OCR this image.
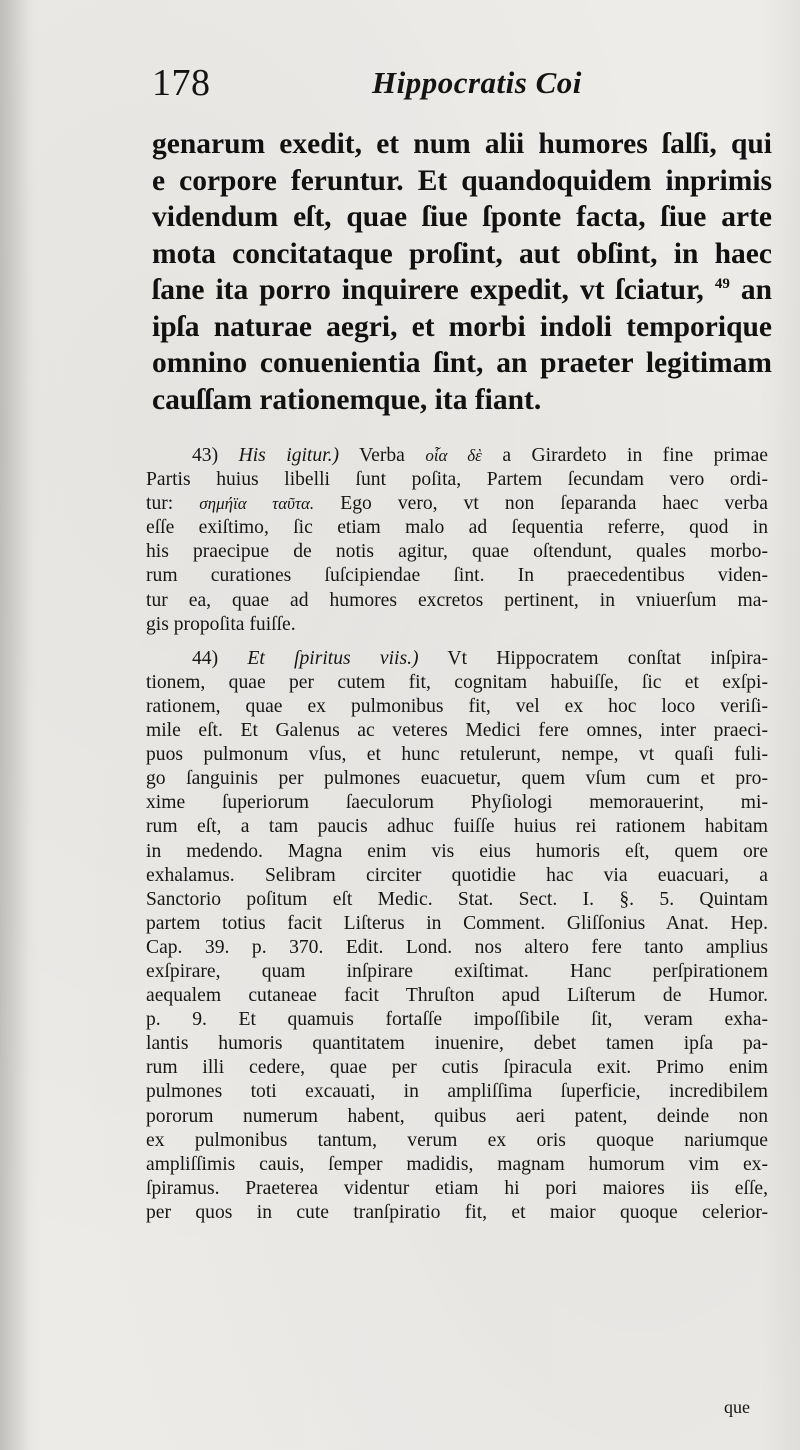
178	Hippocratis Coi
genarum exedit, et num alii humores ſalſi, qui
e corpore feruntur. Et quandoquidem inprimis
videndum eſt, quae ſiue ſponte facta, ſiue arte
mota concitataque proſint, aut obſint, in haec
ſane ita porro inquirere expedit, vt ſciatur, $^{49}$ an
ipſa naturae aegri, et morbi indoli temporique
omnino conuenientia ſint, an praeter legitimam
cauſſam rationemque, ita fiant.
43) His igitur.) Verba οἷα δὲ a Girardeto in fine primae
Partis huius libelli ſunt poſita, Partem ſecundam vero ordi-
tur: σημήϊα ταῦτα. Ego vero, vt non ſeparanda haec verba
eſſe exiſtimo, ſic etiam malo ad ſequentia referre, quod in
his praecipue de notis agitur, quae oſtendunt, quales morbo-
rum curationes ſuſcipiendae ſint. In praecedentibus viden-
tur ea, quae ad humores excretos pertinent, in vniuerſum ma-
gis propoſita fuiſſe.
44) Et ſpiritus viis.) Vt Hippocratem conſtat inſpira-
tionem, quae per cutem fit, cognitam habuiſſe, ſic et exſpi-
rationem, quae ex pulmonibus fit, vel ex hoc loco veriſi-
mile eſt. Et Galenus ac veteres Medici fere omnes, inter praeci-
puos pulmonum vſus, et hunc retulerunt, nempe, vt quaſi fuli-
go ſanguinis per pulmones euacuetur, quem vſum cum et pro-
xime ſuperiorum ſaeculorum Phyſiologi memorauerint, mi-
rum eſt, a tam paucis adhuc fuiſſe huius rei rationem habitam
in medendo. Magna enim vis eius humoris eſt, quem ore
exhalamus. Selibram circiter quotidie hac via euacuari, a
Sanctorio poſitum eſt Medic. Stat. Sect. I. §. 5. Quintam
partem totius facit Liſterus in Comment. Gliſſonius Anat. Hep.
Cap. 39. p. 370. Edit. Lond. nos altero fere tanto amplius
exſpirare, quam inſpirare exiſtimat. Hanc perſpirationem
aequalem cutaneae facit Thruſton apud Liſterum de Humor.
p. 9. Et quamuis fortaſſe impoſſibile ſit, veram exha-
lantis humoris quantitatem inuenire, debet tamen ipſa pa-
rum illi cedere, quae per cutis ſpiracula exit. Primo enim
pulmones toti excauati, in ampliſſima ſuperficie, incredibilem
pororum numerum habent, quibus aeri patent, deinde non
ex pulmonibus tantum, verum ex oris quoque nariumque
ampliſſimis cauis, ſemper madidis, magnam humorum vim ex-
ſpiramus. Praeterea videntur etiam hi pori maiores iis eſſe,
per quos in cute tranſpiratio fit, et maior quoque celerior-
que
